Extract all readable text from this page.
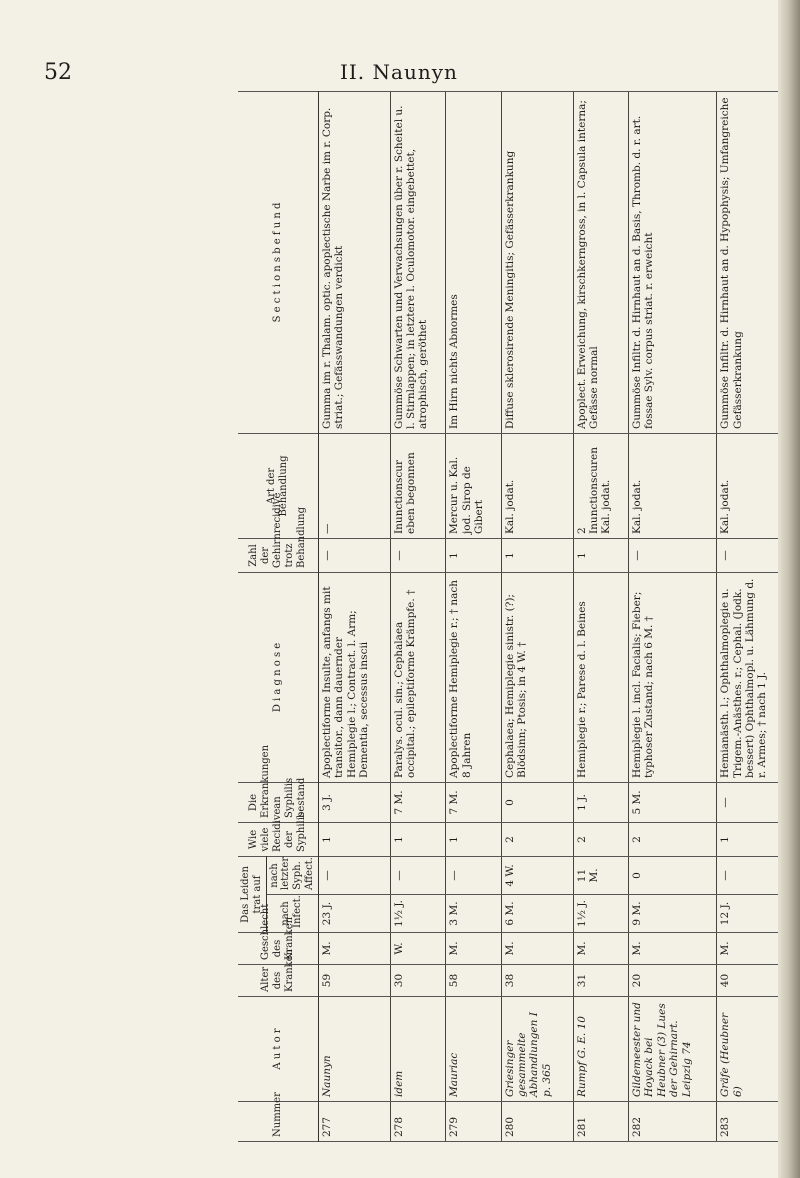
52	II. Naunyn
Nummer	A u t o r	Alter des Kranken	Geschlecht des Kranken	Das Leiden trat auf		Wie viele Recidive der Syphilis	Die Erkrankungen an Syphilis bestand	D i a g n o s e	Zahl der Gehirnrecidive trotz Behandlung	Art der Behandlung	S e c t i o n s b e f u n d
				nach Infect.	nach letzter Syph. Affect.						
277	Naunyn	59	M.	23 J.	—	1	3 J.	Apoplectiforme Insulte, anfangs mit transitor., dann dauernder Hemiplegie l.; Contract. l. Arm; Dementia, secessus inscii	—	—	Gumma im r. Thalam. optic. apoplectische Narbe im r. Corp. striat.; Gefässwandungen verdickt
278	idem	30	W.	1½ J.	—	1	7 M.	Paralys. ocul. sin.; Cephalaea occipital.; epileptiforme Krämpfe. †	—	Inunctionscur eben begonnen	Gummöse Schwarten und Verwachsungen über r. Scheitel u. l. Stirnlappen; in letztere l. Oculomotor. eingebettet, atrophisch, geröthet
279	Mauriac	58	M.	3 M.	—	1	7 M.	Apoplectiforme Hemiplegie r.; † nach 8 Jahren	1	Mercur u. Kal. jod. Sirop de Gibert	Im Hirn nichts Abnormes
280	Griesinger gesammelte Abhandlungen I p. 365	38	M.	6 M.	4 W.	2	0	Cephalaea; Hemiplegie sinistr. (?); Blödsinn; Ptosis; in 4 W. †	1	Kal. jodat.	Diffuse sklerosirende Meningitis; Gefässerkrankung
281	Rumpf G. E. 10	31	M.	1½ J.	11 M.	2	1 J.	Hemiplegie r.; Parese d. l. Beines	1	2 Inunctionscuren Kal. jodat.	Apoplect. Erweichung, kirschkerngross, in l. Capsula interna; Gefässe normal
282	Gildemeester und Hoyack bei Heubner (3) Lues der Gehirnart. Leipzig 74	20	M.	9 M.	0	2	5 M.	Hemiplegie l. incl. Facialis; Fieber; typhoser Zustand; nach 6 M. †	—	Kal. jodat.	Gummöse Infiltr. d. Hirnhaut an d. Basis, Thromb. d. r. art. fossae Sylv. corpus striat. r. erweicht
283	Gräfe (Heubner 6)	40	M.	12 J.	—	1	—	Hemianästh. l.; Ophthalmoplegie u. Trigem.-Anästhes. r.; Cephal. (Jodk. bessert) Ophthalmopl. u. Lähmung d. r. Armes; † nach 1 J.	—	Kal. jodat.	Gummöse Infiltr. d. Hirnhaut an d. Hypophysis; Umfangreiche Gefässerkrankung
